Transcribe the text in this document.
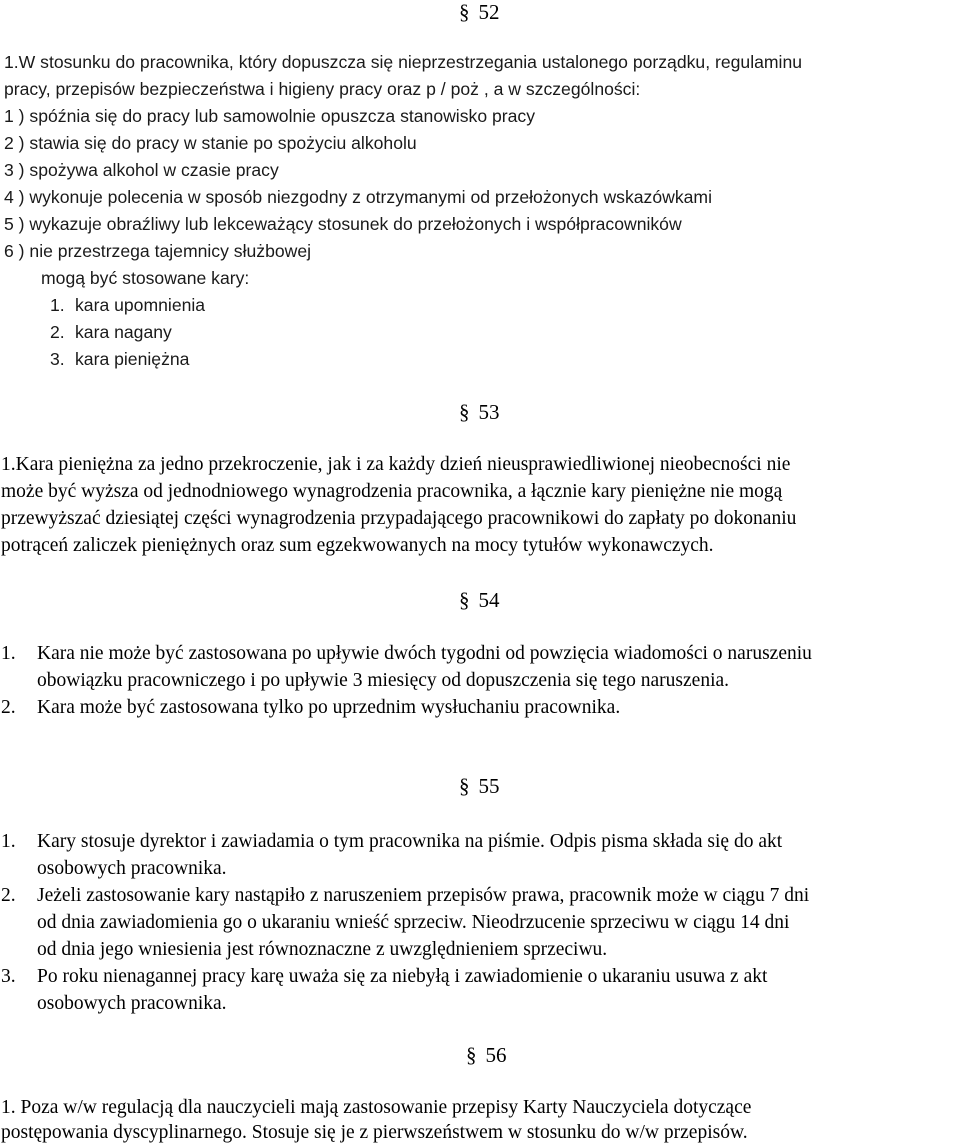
§ 52
1.W stosunku do pracownika, który dopuszcza się nieprzestrzegania ustalonego porządku, regulaminu
pracy, przepisów bezpieczeństwa i higieny pracy oraz p / poż , a w szczególności:
1 ) spóźnia się do pracy lub samowolnie opuszcza stanowisko pracy
2 ) stawia się do pracy w stanie po spożyciu alkoholu
3 ) spożywa alkohol w czasie pracy
4 ) wykonuje polecenia w sposób niezgodny z otrzymanymi od przełożonych wskazówkami
5 ) wykazuje obraźliwy lub lekceważący stosunek do przełożonych i współpracowników
6 ) nie przestrzega tajemnicy służbowej
mogą być stosowane kary:
1. kara upomnienia
2. kara nagany
3. kara pieniężna
§ 53
1.Kara pieniężna za jedno przekroczenie, jak i za każdy dzień nieusprawiedliwionej nieobecności nie
może być wyższa od jednodniowego wynagrodzenia pracownika, a łącznie kary pieniężne nie mogą
przewyższać dziesiątej części wynagrodzenia przypadającego pracownikowi do zapłaty po dokonaniu
potrąceń zaliczek pieniężnych oraz sum egzekwowanych na mocy tytułów wykonawczych.
§ 54
1. Kara nie może być zastosowana po upływie dwóch tygodni od powzięcia wiadomości o naruszeniu
obowiązku pracowniczego i po upływie 3 miesięcy od dopuszczenia się tego naruszenia.
2. Kara może być zastosowana tylko po uprzednim wysłuchaniu pracownika.
§ 55
1. Kary stosuje dyrektor i zawiadamia o tym pracownika na piśmie. Odpis pisma składa się do akt
osobowych pracownika.
2. Jeżeli zastosowanie kary nastąpiło z naruszeniem przepisów prawa, pracownik może w ciągu 7 dni
od dnia zawiadomienia go o ukaraniu wnieść sprzeciw. Nieodrzucenie sprzeciwu w ciągu 14 dni
od dnia jego wniesienia jest równoznaczne z uwzględnieniem sprzeciwu.
3. Po roku nienagannej pracy karę uważa się za niebyłą i zawiadomienie o ukaraniu usuwa z akt
osobowych pracownika.
§ 56
1. Poza w/w regulacją dla nauczycieli mają zastosowanie przepisy Karty Nauczyciela dotyczące
postępowania dyscyplinarnego. Stosuje się je z pierwszeństwem w stosunku do w/w przepisów.
